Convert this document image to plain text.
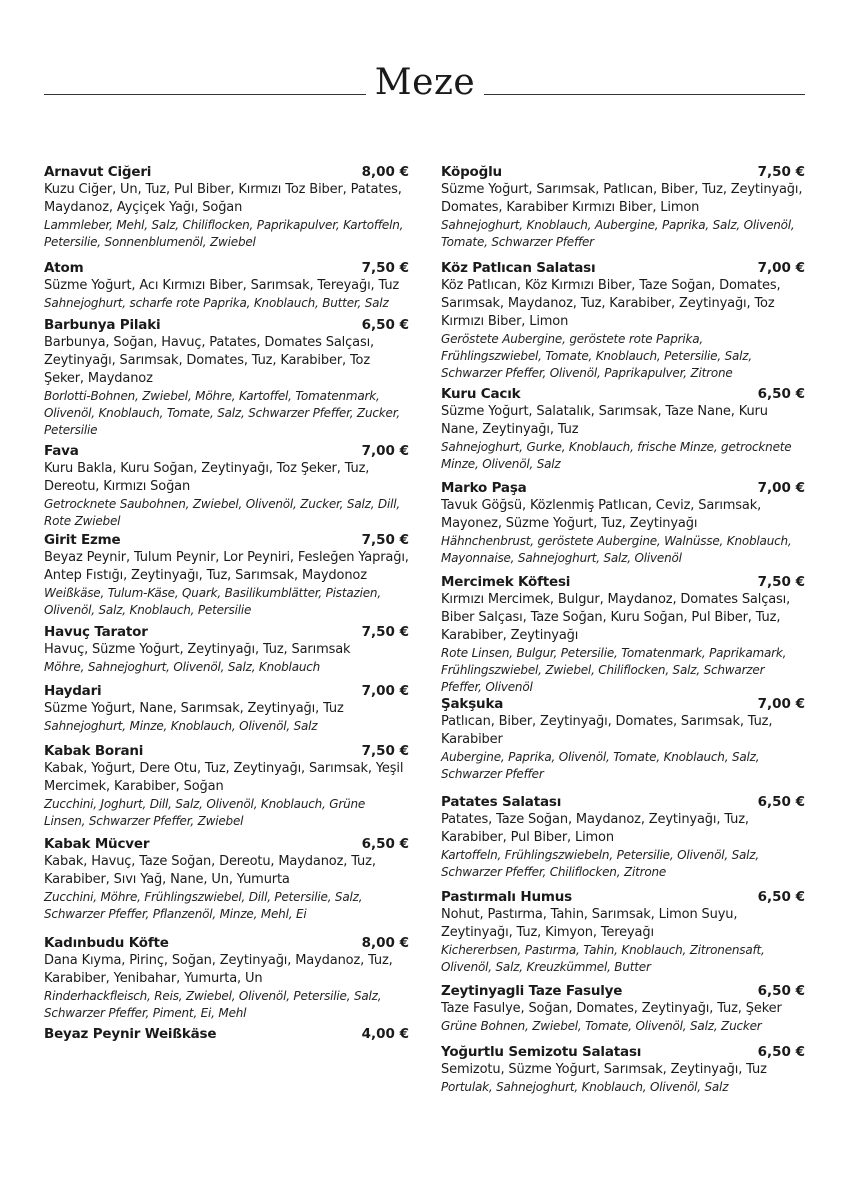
Meze
Arnavut Ciğeri	8,00 €

Kuzu Ciğer, Un, Tuz, Pul Biber, Kırmızı Toz Biber, Patates, Maydanoz, Ayçiçek Yağı, Soğan

Lammleber, Mehl, Salz, Chiliflocken, Paprikapulver, Kartoffeln, Petersilie, Sonnenblumenöl, Zwiebel

Atom	7,50 €

Süzme Yoğurt, Acı Kırmızı Biber, Sarımsak, Tereyağı, Tuz

Sahnejoghurt, scharfe rote Paprika, Knoblauch, Butter, Salz

Barbunya Pilaki	6,50 €

Barbunya, Soğan, Havuç, Patates, Domates Salçası, Zeytinyağı, Sarımsak, Domates, Tuz, Karabiber, Toz Şeker, Maydanoz

Borlotti-Bohnen, Zwiebel, Möhre, Kartoffel, Tomatenmark, Olivenöl, Knoblauch, Tomate, Salz, Schwarzer Pfeffer, Zucker, Petersilie

Fava	7,00 €

Kuru Bakla, Kuru Soğan, Zeytinyağı, Toz Şeker, Tuz, Dereotu, Kırmızı Soğan

Getrocknete Saubohnen, Zwiebel, Olivenöl, Zucker, Salz, Dill, Rote Zwiebel

Girit Ezme	7,50 €

Beyaz Peynir, Tulum Peynir, Lor Peyniri, Fesleğen Yaprağı, Antep Fıstığı, Zeytinyağı, Tuz, Sarımsak, Maydonoz

Weißkäse, Tulum-Käse, Quark, Basilikumblätter, Pistazien, Olivenöl, Salz, Knoblauch, Petersilie

Havuç Tarator	7,50 €

Havuç, Süzme Yoğurt, Zeytinyağı, Tuz, Sarımsak

Möhre, Sahnejoghurt, Olivenöl, Salz, Knoblauch

Haydari	7,00 €

Süzme Yoğurt, Nane, Sarımsak, Zeytinyağı, Tuz

Sahnejoghurt, Minze, Knoblauch, Olivenöl, Salz

Kabak Borani	7,50 €

Kabak, Yoğurt, Dere Otu, Tuz, Zeytinyağı, Sarımsak, Yeşil Mercimek, Karabiber, Soğan

Zucchini, Joghurt, Dill, Salz, Olivenöl, Knoblauch, Grüne Linsen, Schwarzer Pfeffer, Zwiebel

Kabak Mücver	6,50 €

Kabak, Havuç, Taze Soğan, Dereotu, Maydanoz, Tuz, Karabiber, Sıvı Yağ, Nane, Un, Yumurta

Zucchini, Möhre, Frühlingszwiebel, Dill, Petersilie, Salz, Schwarzer Pfeffer, Pflanzenöl, Minze, Mehl, Ei

Kadınbudu Köfte	8,00 €

Dana Kıyma, Pirinç, Soğan, Zeytinyağı, Maydanoz, Tuz, Karabiber, Yenibahar, Yumurta, Un

Rinderhackfleisch, Reis, Zwiebel, Olivenöl, Petersilie, Salz, Schwarzer Pfeffer, Piment, Ei, Mehl

Beyaz Peynir Weißkäse	4,00 €
Köpoğlu	7,50 €

Süzme Yoğurt, Sarımsak, Patlıcan, Biber, Tuz, Zeytinyağı, Domates, Karabiber Kırmızı Biber, Limon

Sahnejoghurt, Knoblauch, Aubergine, Paprika, Salz, Olivenöl, Tomate, Schwarzer Pfeffer

Köz Patlıcan Salatası	7,00 €

Köz Patlıcan, Köz Kırmızı Biber, Taze Soğan, Domates, Sarımsak, Maydanoz, Tuz, Karabiber, Zeytinyağı, Toz Kırmızı Biber, Limon

Geröstete Aubergine, geröstete rote Paprika, Frühlingszwiebel, Tomate, Knoblauch, Petersilie, Salz, Schwarzer Pfeffer, Olivenöl, Paprikapulver, Zitrone

Kuru Cacık	6,50 €

Süzme Yoğurt, Salatalık, Sarımsak, Taze Nane, Kuru Nane, Zeytinyağı, Tuz

Sahnejoghurt, Gurke, Knoblauch, frische Minze, getrocknete Minze, Olivenöl, Salz

Marko Paşa	7,00 €

Tavuk Göğsü, Közlenmiş Patlıcan, Ceviz, Sarımsak, Mayonez, Süzme Yoğurt, Tuz, Zeytinyağı

Hähnchenbrust, geröstete Aubergine, Walnüsse, Knoblauch, Mayonnaise, Sahnejoghurt, Salz, Olivenöl

Mercimek Köftesi	7,50 €

Kırmızı Mercimek, Bulgur, Maydanoz, Domates Salçası, Biber Salçası, Taze Soğan, Kuru Soğan, Pul Biber, Tuz, Karabiber, Zeytinyağı

Rote Linsen, Bulgur, Petersilie, Tomatenmark, Paprikamark, Frühlingszwiebel, Zwiebel, Chiliflocken, Salz, Schwarzer Pfeffer, Olivenöl

Şakşuka	7,00 €

Patlıcan, Biber, Zeytinyağı, Domates, Sarımsak, Tuz, Karabiber

Aubergine, Paprika, Olivenöl, Tomate, Knoblauch, Salz, Schwarzer Pfeffer

Patates Salatası	6,50 €

Patates, Taze Soğan, Maydanoz, Zeytinyağı, Tuz, Karabiber, Pul Biber, Limon

Kartoffeln, Frühlingszwiebeln, Petersilie, Olivenöl, Salz, Schwarzer Pfeffer, Chiliflocken, Zitrone

Pastırmalı Humus	6,50 €

Nohut, Pastırma, Tahin, Sarımsak, Limon Suyu, Zeytinyağı, Tuz, Kimyon, Tereyağı

Kichererbsen, Pastırma, Tahin, Knoblauch, Zitronensaft, Olivenöl, Salz, Kreuzkümmel, Butter

Zeytinyagli Taze Fasulye	6,50 €

Taze Fasulye, Soğan, Domates, Zeytinyağı, Tuz, Şeker

Grüne Bohnen, Zwiebel, Tomate, Olivenöl, Salz, Zucker

Yoğurtlu Semizotu Salatası	6,50 €

Semizotu, Süzme Yoğurt, Sarımsak, Zeytinyağı, Tuz

Portulak, Sahnejoghurt, Knoblauch, Olivenöl, Salz
